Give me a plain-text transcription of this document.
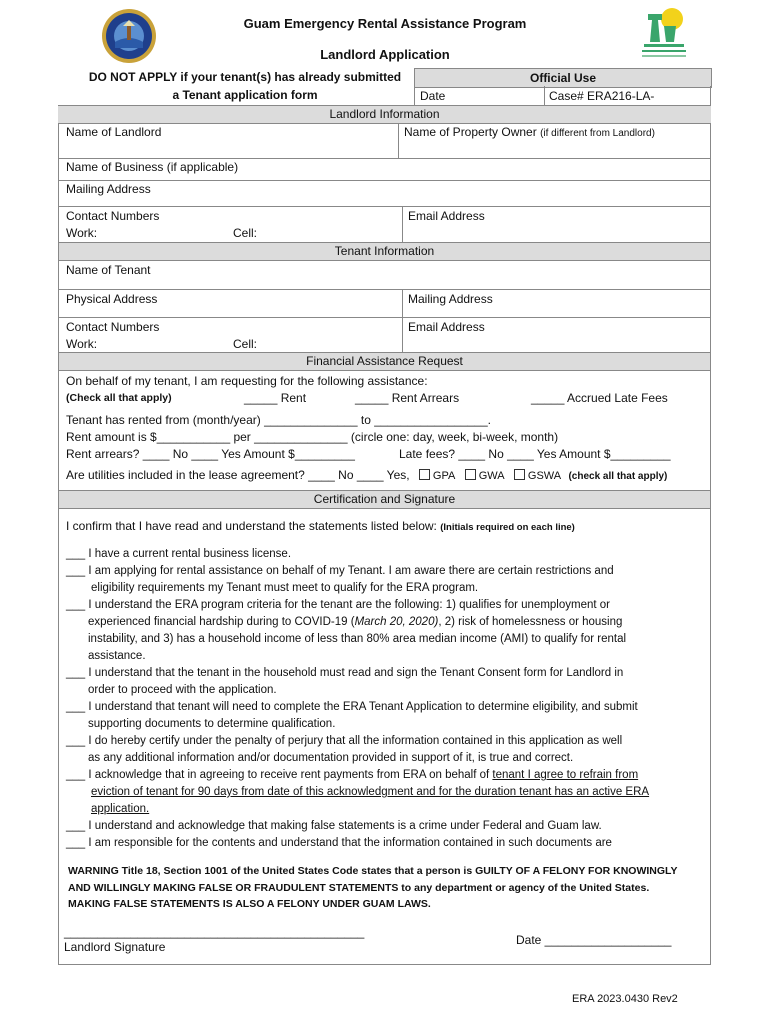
Guam Emergency Rental Assistance Program
Landlord Application
DO NOT APPLY if your tenant(s) has already submitted
a Tenant application form
Official Use
Date	Case# ERA216-LA-
Landlord Information
Name of Landlord	Name of Property Owner (if different from Landlord)
Name of Business (if applicable)
Mailing Address
Contact Numbers
Work:	Cell:
Email Address
Tenant Information
Name of Tenant
Physical Address	Mailing Address
Contact Numbers
Work:	Cell:
Email Address
Financial Assistance Request
On behalf of my tenant, I am requesting for the following assistance:
(Check all that apply)	_____ Rent	_____ Rent Arrears	_____ Accrued Late Fees
Tenant has rented from (month/year) ______________ to _________________.
Rent amount is $___________ per ______________ (circle one: day, week, bi-week, month)
Rent arrears? ____ No ____ Yes Amount $_________	Late fees? ____ No ____ Yes Amount $_________
Are utilities included in the lease agreement? ____ No ____ Yes, GPA GWA GSWA (check all that apply)
Certification and Signature
I confirm that I have read and understand the statements listed below: (Initials required on each line)
___ I have a current rental business license.
___ I am applying for rental assistance on behalf of my Tenant. I am aware there are certain restrictions and
eligibility requirements my Tenant must meet to qualify for the ERA program.
___ I understand the ERA program criteria for the tenant are the following: 1) qualifies for unemployment or
experienced financial hardship during to COVID-19 (March 20, 2020), 2) risk of homelessness or housing
instability, and 3) has a household income of less than 80% area median income (AMI) to qualify for rental
assistance.
___ I understand that the tenant in the household must read and sign the Tenant Consent form for Landlord in
order to proceed with the application.
___ I understand that tenant will need to complete the ERA Tenant Application to determine eligibility, and submit
supporting documents to determine qualification.
___ I do hereby certify under the penalty of perjury that all the information contained in this application as well
as any additional information and/or documentation provided in support of it, is true and correct.
___ I acknowledge that in agreeing to receive rent payments from ERA on behalf of tenant I agree to refrain from
eviction of tenant for 90 days from date of this acknowledgment and for the duration tenant has an active ERA
application.
___ I understand and acknowledge that making false statements is a crime under Federal and Guam law.
___ I am responsible for the contents and understand that the information contained in such documents are
WARNING Title 18, Section 1001 of the United States Code states that a person is GUILTY OF A FELONY FOR KNOWINGLY
AND WILLINGLY MAKING FALSE OR FRAUDULENT STATEMENTS to any department or agency of the United States.
MAKING FALSE STATEMENTS IS ALSO A FELONY UNDER GUAM LAWS.
_____________________________________________
Landlord Signature	Date ___________________
ERA 2023.0430 Rev2
